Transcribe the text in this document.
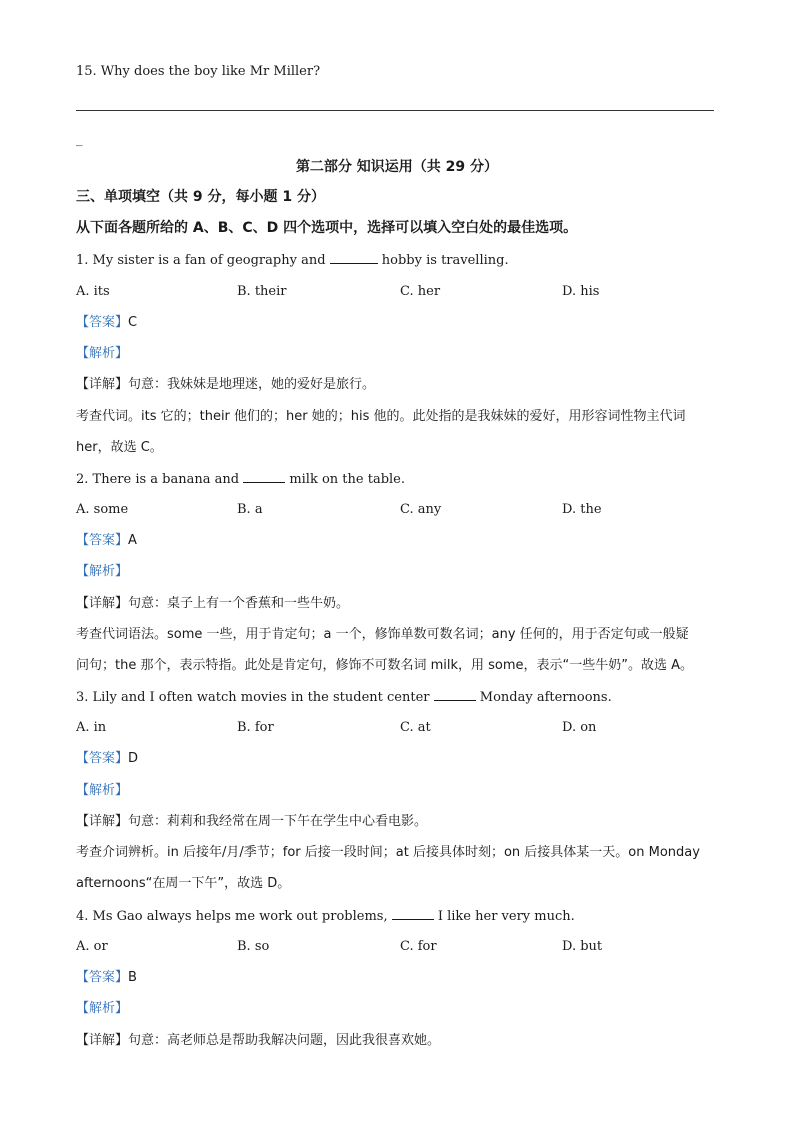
15. Why does the boy like Mr Miller?
_
第二部分 知识运用（共 29 分）
三、单项填空（共 9 分，每小题 1 分）
从下面各题所给的 A、B、C、D 四个选项中，选择可以填入空白处的最佳选项。
1. My sister is a fan of geography and	hobby is travelling.
A. its	B. their	C. her	D. his
【答案】C
【解析】
【详解】句意：我妹妹是地理迷，她的爱好是旅行。
考查代词。its 它的；their 他们的；her 她的；his 他的。此处指的是我妹妹的爱好，用形容词性物主代词
her，故选 C。
2. There is a banana and	milk on the table.
A. some	B. a	C. any	D. the
【答案】A
【解析】
【详解】句意：桌子上有一个香蕉和一些牛奶。
考查代词语法。some 一些，用于肯定句；a 一个，修饰单数可数名词；any 任何的，用于否定句或一般疑
问句；the 那个，表示特指。此处是肯定句，修饰不可数名词 milk，用 some，表示“一些牛奶”。故选 A。
3. Lily and I often watch movies in the student center	Monday afternoons.
A. in	B. for	C. at	D. on
【答案】D
【解析】
【详解】句意：莉莉和我经常在周一下午在学生中心看电影。
考查介词辨析。in 后接年/月/季节；for 后接一段时间；at 后接具体时刻；on 后接具体某一天。on Monday
afternoons“在周一下午”，故选 D。
4. Ms Gao always helps me work out problems,	I like her very much.
A. or	B. so	C. for	D. but
【答案】B
【解析】
【详解】句意：高老师总是帮助我解决问题，因此我很喜欢她。
